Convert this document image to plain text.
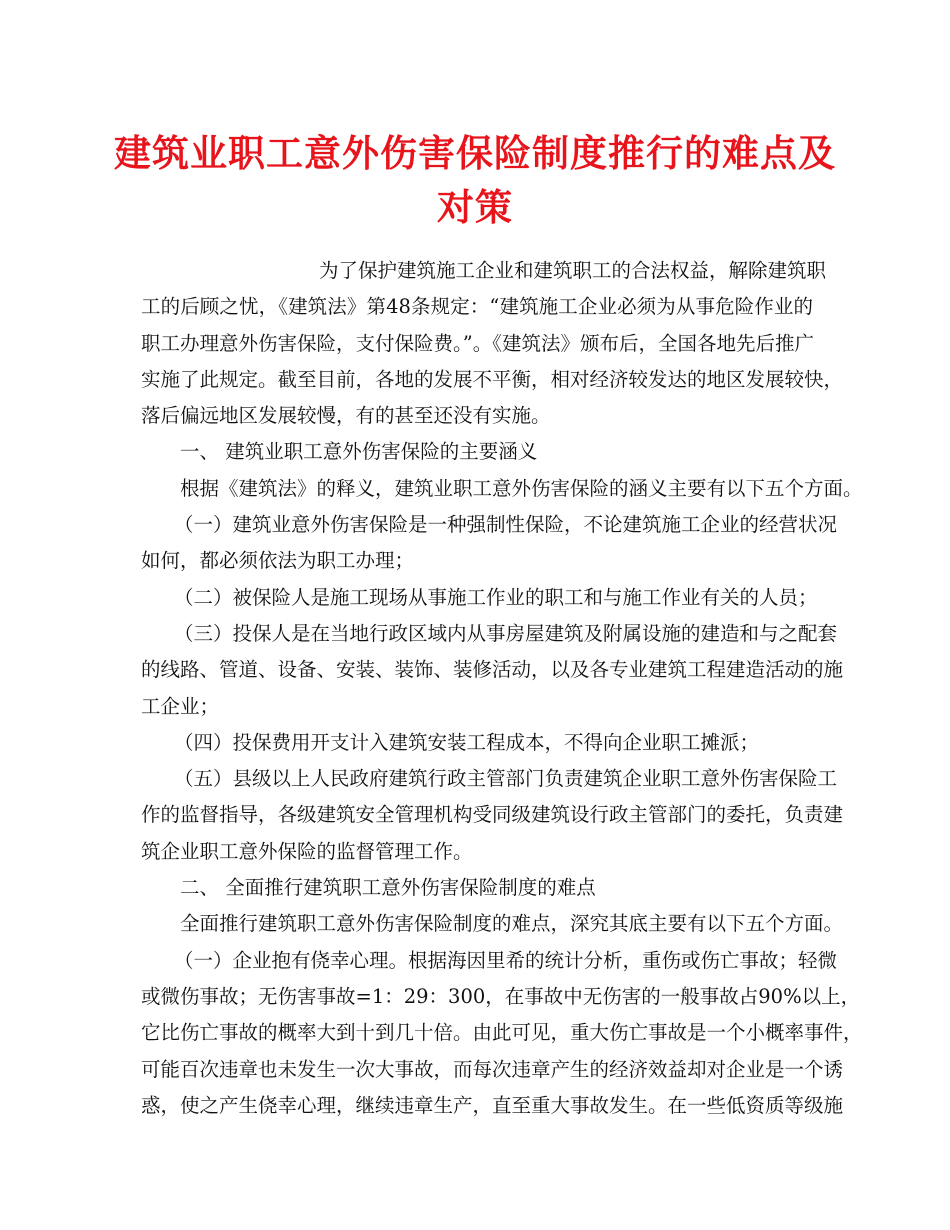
建筑业职工意外伤害保险制度推行的难点及
对策
为了保护建筑施工企业和建筑职工的合法权益，解除建筑职
工的后顾之忧，《建筑法》第48条规定：“建筑施工企业必须为从事危险作业的
职工办理意外伤害保险，支付保险费。”。《建筑法》颁布后，全国各地先后推广
实施了此规定。截至目前，各地的发展不平衡，相对经济较发达的地区发展较快，
落后偏远地区发展较慢，有的甚至还没有实施。
一、 建筑业职工意外伤害保险的主要涵义
根据《建筑法》的释义，建筑业职工意外伤害保险的涵义主要有以下五个方面。
（一）建筑业意外伤害保险是一种强制性保险，不论建筑施工企业的经营状况
如何，都必须依法为职工办理；
（二）被保险人是施工现场从事施工作业的职工和与施工作业有关的人员；
（三）投保人是在当地行政区域内从事房屋建筑及附属设施的建造和与之配套
的线路、管道、设备、安装、装饰、装修活动，以及各专业建筑工程建造活动的施
工企业；
（四）投保费用开支计入建筑安装工程成本，不得向企业职工摊派；
（五）县级以上人民政府建筑行政主管部门负责建筑企业职工意外伤害保险工
作的监督指导，各级建筑安全管理机构受同级建筑设行政主管部门的委托，负责建
筑企业职工意外保险的监督管理工作。
二、 全面推行建筑职工意外伤害保险制度的难点
全面推行建筑职工意外伤害保险制度的难点，深究其底主要有以下五个方面。
（一）企业抱有侥幸心理。根据海因里希的统计分析，重伤或伤亡事故；轻微
或微伤事故；无伤害事故=1：29：300，在事故中无伤害的一般事故占90%以上，
它比伤亡事故的概率大到十到几十倍。由此可见，重大伤亡事故是一个小概率事件，
可能百次违章也未发生一次大事故，而每次违章产生的经济效益却对企业是一个诱
惑，使之产生侥幸心理，继续违章生产，直至重大事故发生。在一些低资质等级施
